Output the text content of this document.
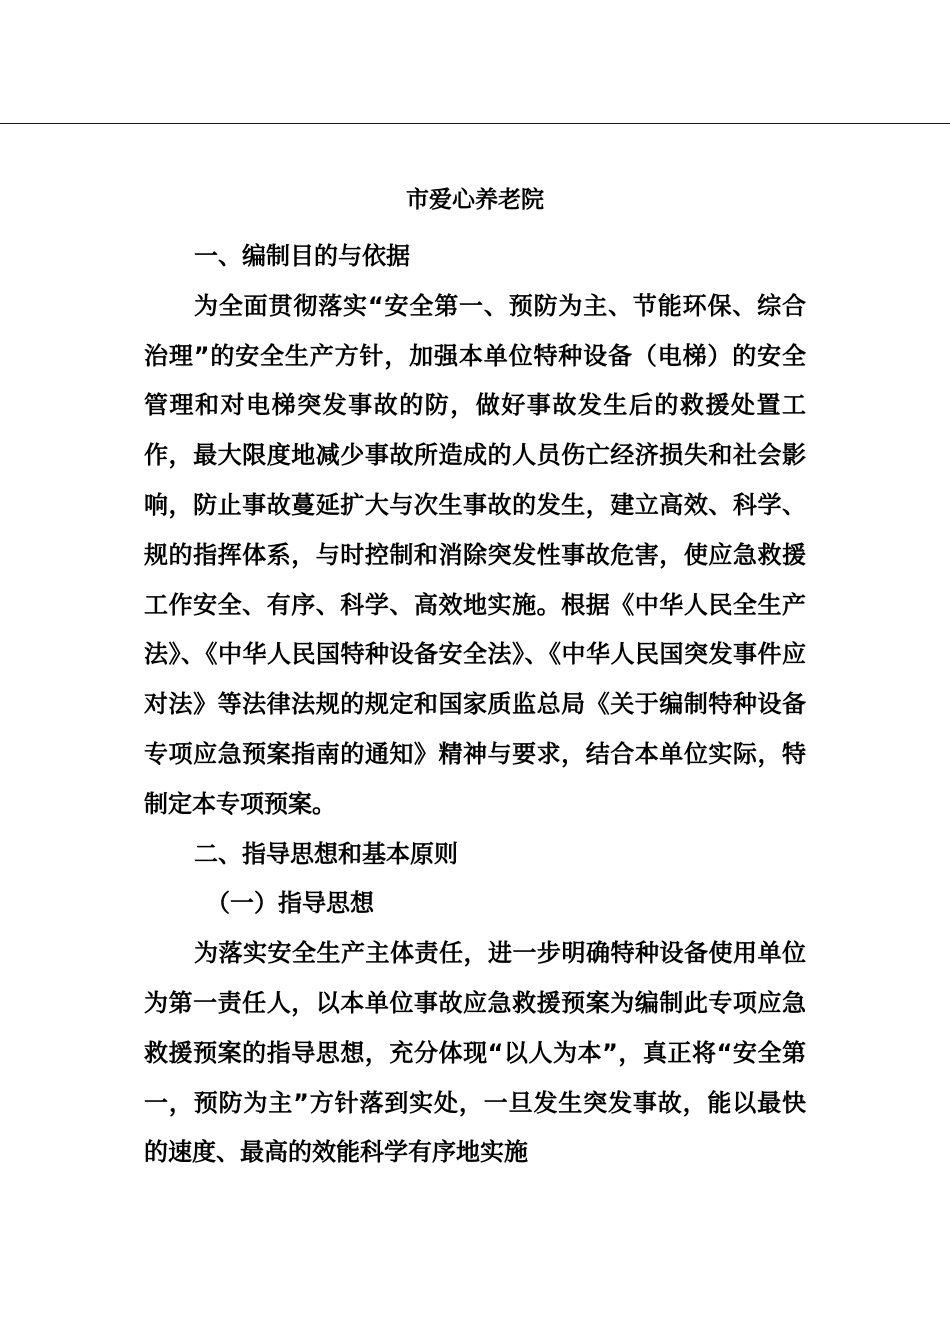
市爱心养老院

一、编制目的与依据

为全面贯彻落实“安全第一、预防为主、节能环保、综合治理”的安全生产方针，加强本单位特种设备（电梯）的安全管理和对电梯突发事故的防，做好事故发生后的救援处置工作，最大限度地减少事故所造成的人员伤亡经济损失和社会影响，防止事故蔓延扩大与次生事故的发生，建立高效、科学、规的指挥体系，与时控制和消除突发性事故危害，使应急救援工作安全、有序、科学、高效地实施。根据《中华人民全生产法》、《中华人民国特种设备安全法》、《中华人民国突发事件应对法》等法律法规的规定和国家质监总局《关于编制特种设备专项应急预案指南的通知》精神与要求，结合本单位实际，特制定本专项预案。

二、指导思想和基本原则

（一）指导思想

为落实安全生产主体责任，进一步明确特种设备使用单位为第一责任人，以本单位事故应急救援预案为编制此专项应急救援预案的指导思想，充分体现“以人为本”，真正将“安全第一，预防为主”方针落到实处，一旦发生突发事故，能以最快的速度、最高的效能科学有序地实施
